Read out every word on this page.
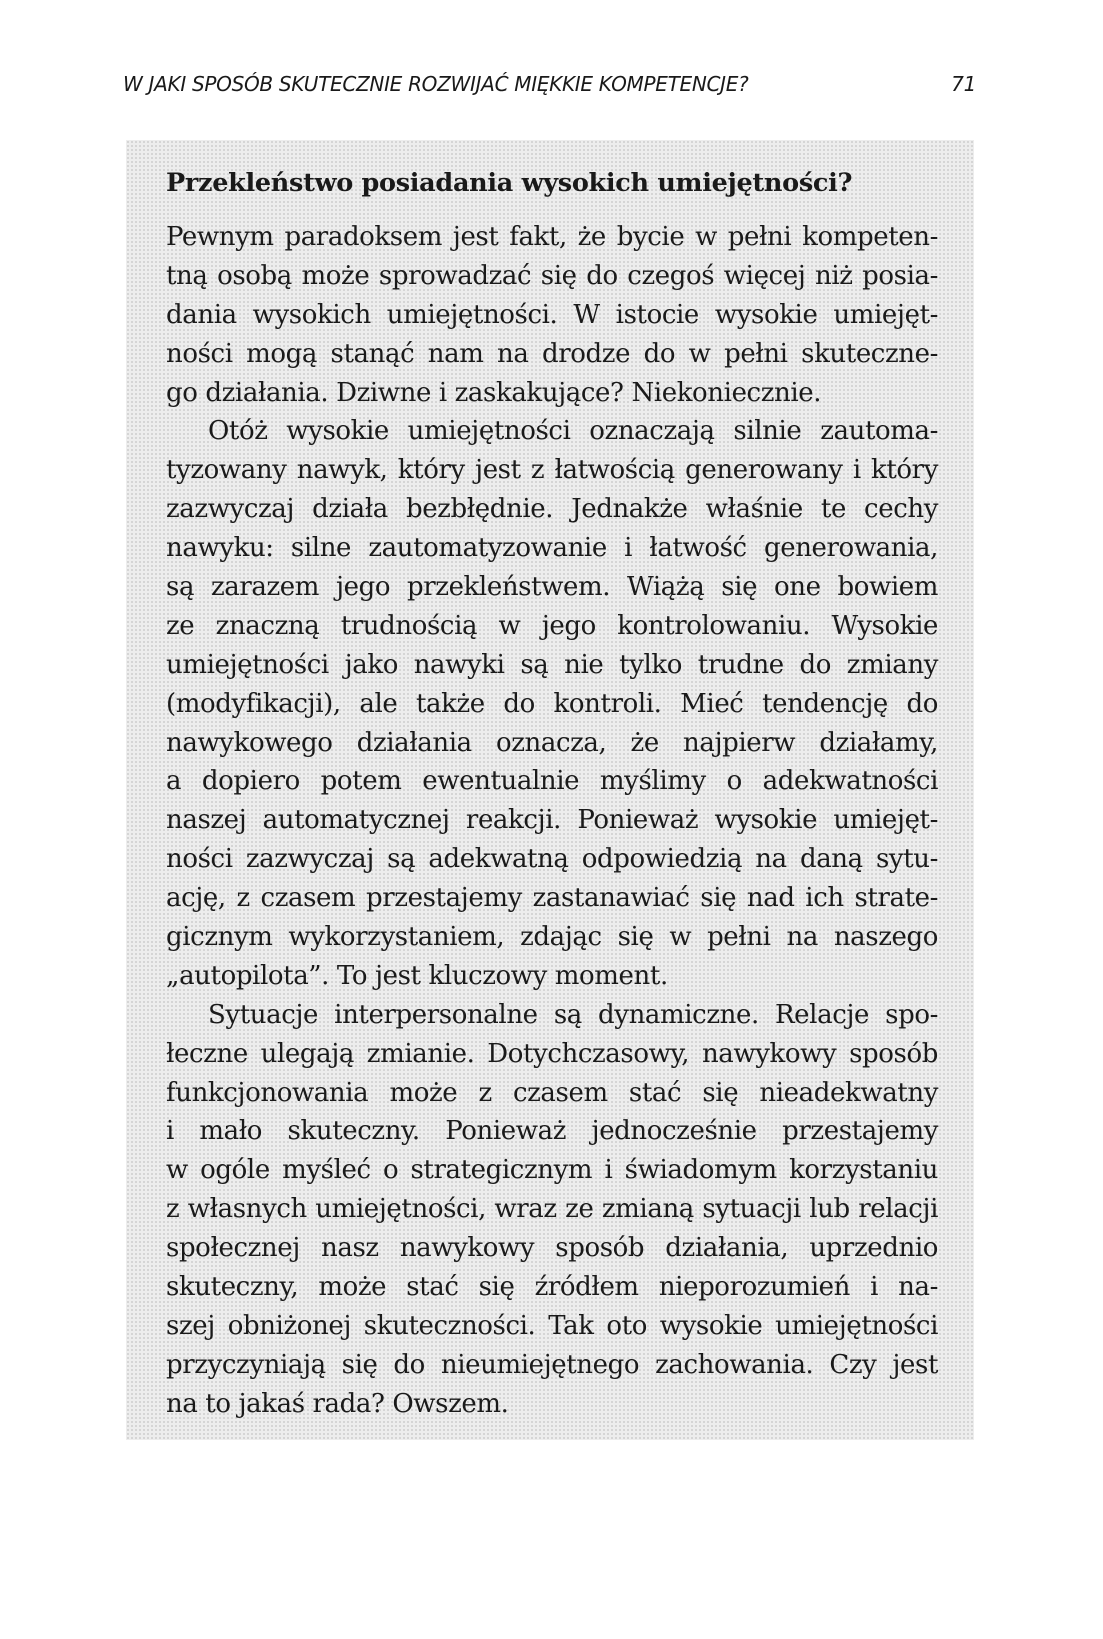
W JAKI SPOSÓB SKUTECZNIE ROZWIJAĆ MIĘKKIE KOMPETENCJE?	71
Przekleństwo posiadania wysokich umiejętności?
Pewnym paradoksem jest fakt, że bycie w pełni kompeten-
tną osobą może sprowadzać się do czegoś więcej niż posia-
dania wysokich umiejętności. W istocie wysokie umiejęt-
ności mogą stanąć nam na drodze do w pełni skuteczne-
go działania. Dziwne i zaskakujące? Niekoniecznie.
Otóż wysokie umiejętności oznaczają silnie zautoma-
tyzowany nawyk, który jest z łatwością generowany i który
zazwyczaj działa bezbłędnie. Jednakże właśnie te cechy
nawyku: silne zautomatyzowanie i łatwość generowania,
są zarazem jego przekleństwem. Wiążą się one bowiem
ze znaczną trudnością w jego kontrolowaniu. Wysokie
umiejętności jako nawyki są nie tylko trudne do zmiany
(modyfikacji), ale także do kontroli. Mieć tendencję do
nawykowego działania oznacza, że najpierw działamy,
a dopiero potem ewentualnie myślimy o adekwatności
naszej automatycznej reakcji. Ponieważ wysokie umiejęt-
ności zazwyczaj są adekwatną odpowiedzią na daną sytu-
ację, z czasem przestajemy zastanawiać się nad ich strate-
gicznym wykorzystaniem, zdając się w pełni na naszego
„autopilota”. To jest kluczowy moment.
Sytuacje interpersonalne są dynamiczne. Relacje spo-
łeczne ulegają zmianie. Dotychczasowy, nawykowy sposób
funkcjonowania może z czasem stać się nieadekwatny
i mało skuteczny. Ponieważ jednocześnie przestajemy
w ogóle myśleć o strategicznym i świadomym korzystaniu
z własnych umiejętności, wraz ze zmianą sytuacji lub relacji
społecznej nasz nawykowy sposób działania, uprzednio
skuteczny, może stać się źródłem nieporozumień i na-
szej obniżonej skuteczności. Tak oto wysokie umiejętności
przyczyniają się do nieumiejętnego zachowania. Czy jest
na to jakaś rada? Owszem.
